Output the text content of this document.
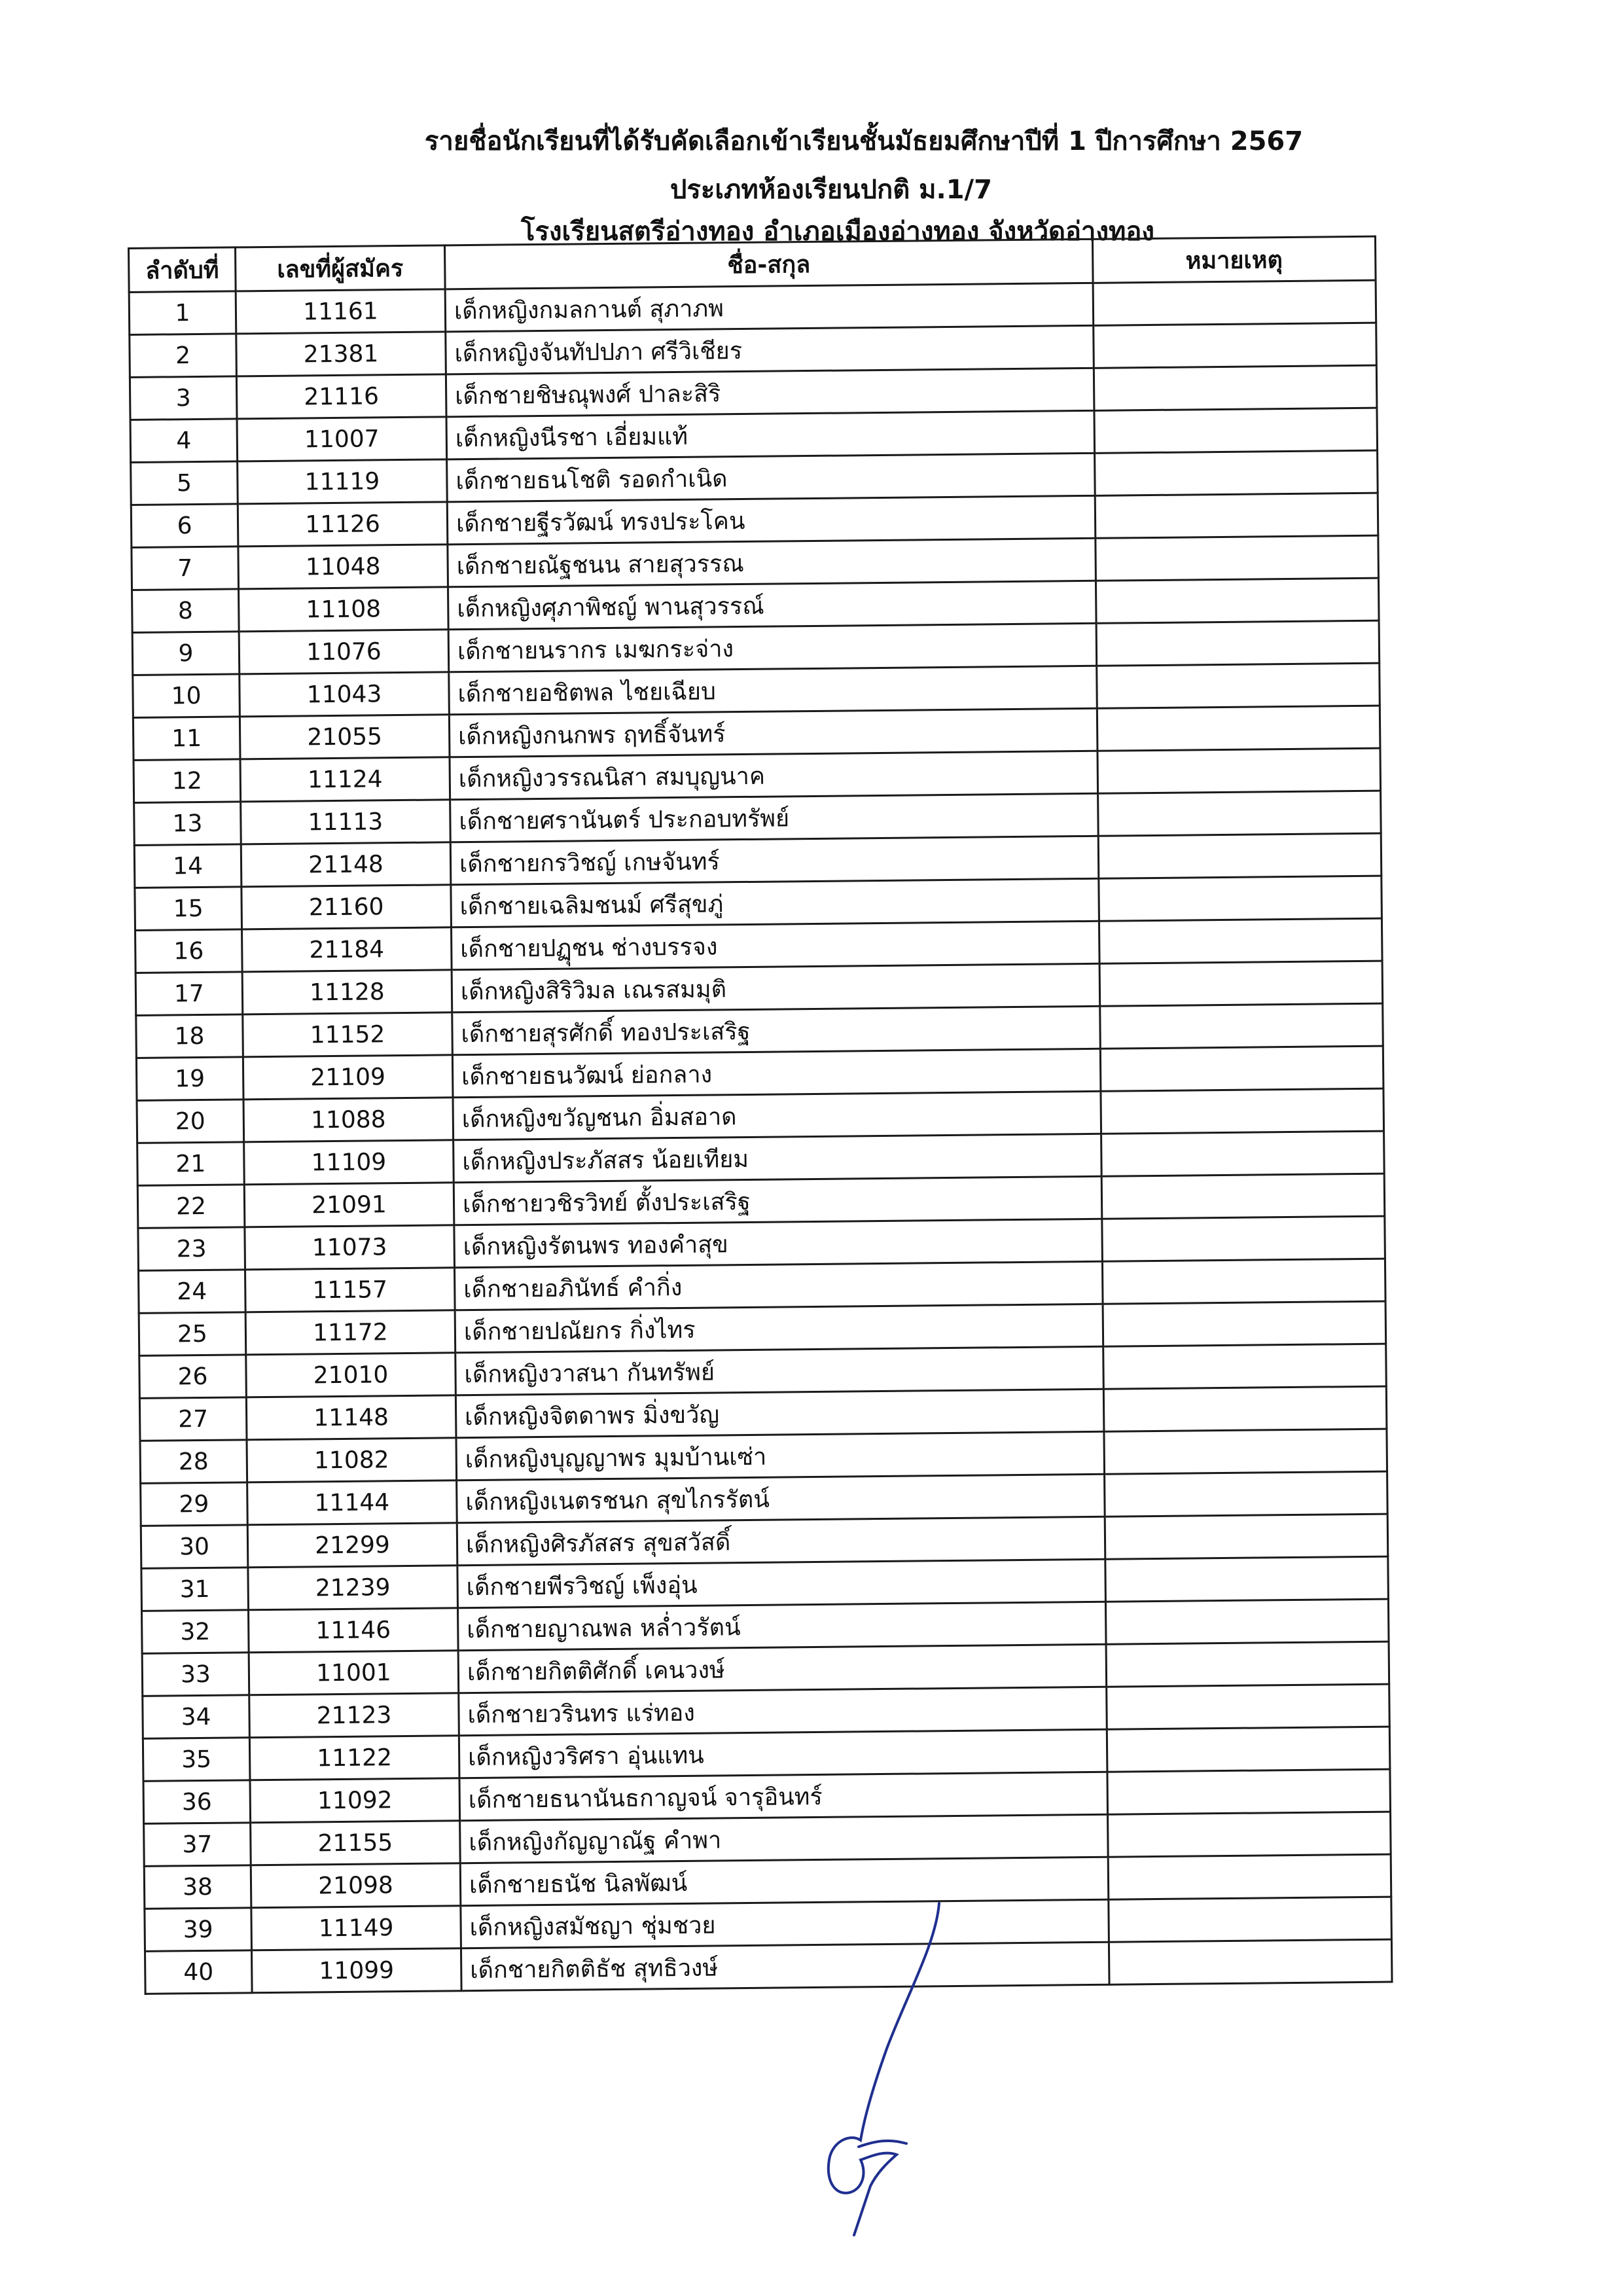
รายชื่อนักเรียนที่ได้รับคัดเลือกเข้าเรียนชั้นมัธยมศึกษาปีที่ 1 ปีการศึกษา 2567
ประเภทห้องเรียนปกติ ม.1/7
โรงเรียนสตรีอ่างทอง อำเภอเมืองอ่างทอง จังหวัดอ่างทอง
ลำดับที่	เลขที่ผู้สมัคร	ชื่อ-สกุล	หมายเหตุ
1	11161	เด็กหญิงกมลกานต์ สุภาภพ	
2	21381	เด็กหญิงจันทัปปภา ศรีวิเชียร	
3	21116	เด็กชายชิษณุพงศ์ ปาละสิริ	
4	11007	เด็กหญิงนีรชา เอี่ยมแท้	
5	11119	เด็กชายธนโชติ รอดกำเนิด	
6	11126	เด็กชายฐีรวัฒน์ ทรงประโคน	
7	11048	เด็กชายณัฐชนน สายสุวรรณ	
8	11108	เด็กหญิงศุภาพิชญ์ พานสุวรรณ์	
9	11076	เด็กชายนรากร เมฆกระจ่าง	
10	11043	เด็กชายอชิตพล ไชยเฉียบ	
11	21055	เด็กหญิงกนกพร ฤทธิ์จันทร์	
12	11124	เด็กหญิงวรรณนิสา สมบุญนาค	
13	11113	เด็กชายศรานันตร์ ประกอบทรัพย์	
14	21148	เด็กชายกรวิชญ์ เกษจันทร์	
15	21160	เด็กชายเฉลิมชนม์ ศรีสุขภู่	
16	21184	เด็กชายปฏุชน ช่างบรรจง	
17	11128	เด็กหญิงสิริวิมล เณรสมมุติ	
18	11152	เด็กชายสุรศักดิ์ ทองประเสริฐ	
19	21109	เด็กชายธนวัฒน์ ย่อกลาง	
20	11088	เด็กหญิงขวัญชนก อิ่มสอาด	
21	11109	เด็กหญิงประภัสสร น้อยเทียม	
22	21091	เด็กชายวชิรวิทย์ ตั้งประเสริฐ	
23	11073	เด็กหญิงรัตนพร ทองคำสุข	
24	11157	เด็กชายอภินัทธ์ คำกิ่ง	
25	11172	เด็กชายปณัยกร กิ่งไทร	
26	21010	เด็กหญิงวาสนา กันทรัพย์	
27	11148	เด็กหญิงจิตดาพร มิ่งขวัญ	
28	11082	เด็กหญิงบุญญาพร มุมบ้านเซ่า	
29	11144	เด็กหญิงเนตรชนก สุขไกรรัตน์	
30	21299	เด็กหญิงศิรภัสสร สุขสวัสดิ์	
31	21239	เด็กชายพีรวิชญ์ เพ็งอุ่น	
32	11146	เด็กชายญาณพล หล่ำวรัตน์	
33	11001	เด็กชายกิตติศักดิ์ เคนวงษ์	
34	21123	เด็กชายวรินทร แร่ทอง	
35	11122	เด็กหญิงวริศรา อุ่นแทน	
36	11092	เด็กชายธนานันธกาญจน์ จารุอินทร์	
37	21155	เด็กหญิงกัญญาณัฐ คำพา	
38	21098	เด็กชายธนัช นิลพัฒน์	
39	11149	เด็กหญิงสมัชญา ชุ่มชวย	
40	11099	เด็กชายกิตติธัช สุทธิวงษ์	
